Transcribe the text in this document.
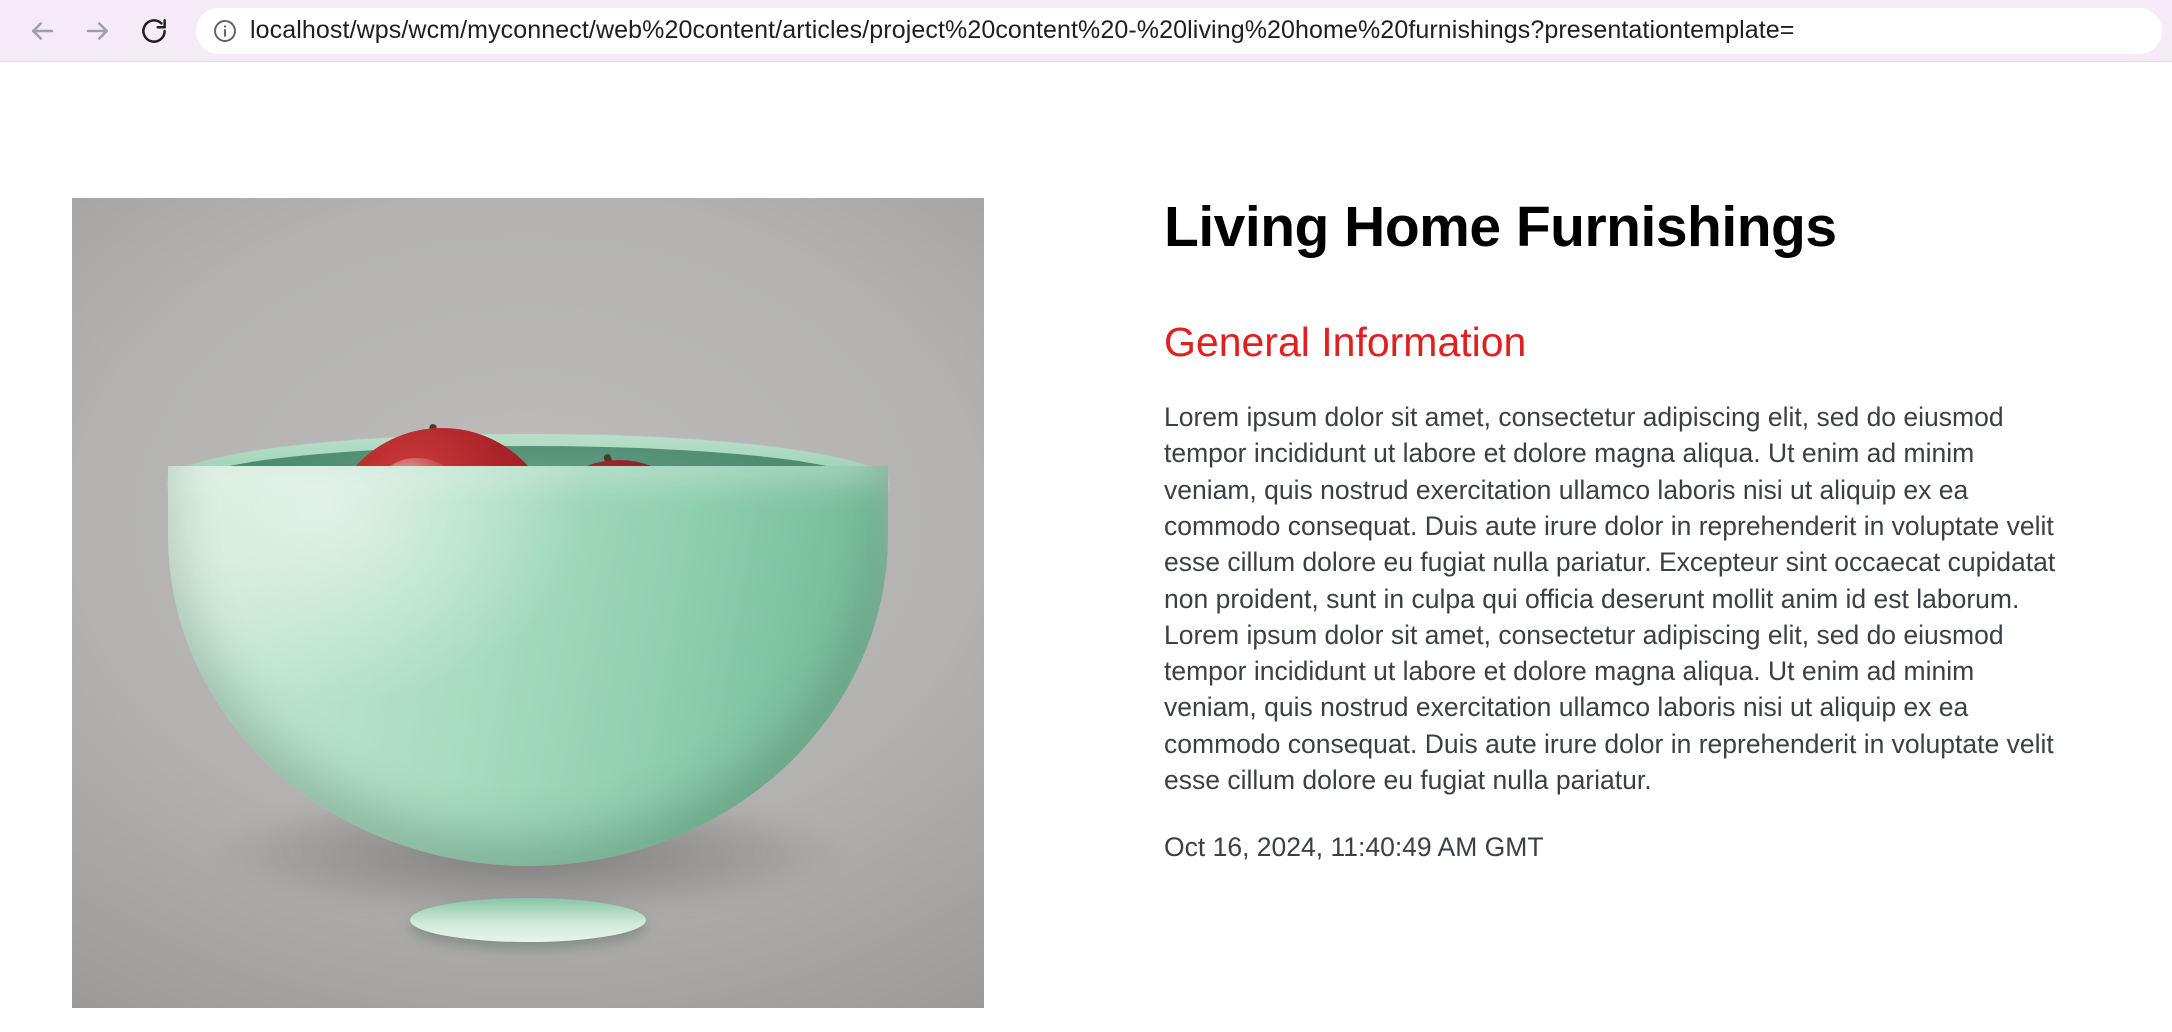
localhost/wps/wcm/myconnect/web%20content/articles/project%20content%20-%20living%20home%20furnishings?presentationtemplate=
Living Home Furnishings
General Information

Lorem ipsum dolor sit amet, consectetur adipiscing elit, sed do eiusmod tempor incididunt ut labore et dolore magna aliqua. Ut enim ad minim veniam, quis nostrud exercitation ullamco laboris nisi ut aliquip ex ea commodo consequat. Duis aute irure dolor in reprehenderit in voluptate velit esse cillum dolore eu fugiat nulla pariatur. Excepteur sint occaecat cupidatat non proident, sunt in culpa qui officia deserunt mollit anim id est laborum. Lorem ipsum dolor sit amet, consectetur adipiscing elit, sed do eiusmod tempor incididunt ut labore et dolore magna aliqua. Ut enim ad minim veniam, quis nostrud exercitation ullamco laboris nisi ut aliquip ex ea commodo consequat. Duis aute irure dolor in reprehenderit in voluptate velit esse cillum dolore eu fugiat nulla pariatur.

Oct 16, 2024, 11:40:49 AM GMT
